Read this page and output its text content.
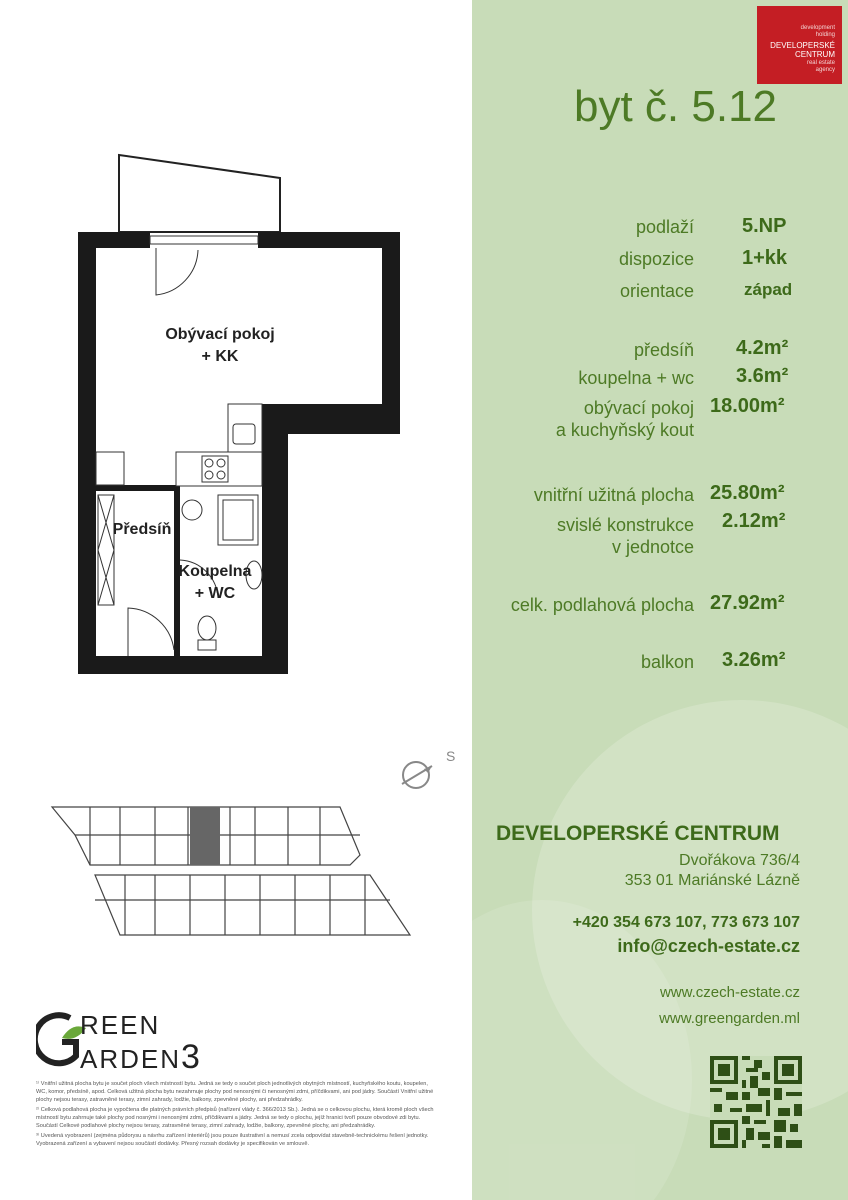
development
holding
DEVELOPERSKÉ
CENTRUM
real estate
agency
byt č. 5.12
podlaží 5.NP
dispozice 1+kk
orientace	západ
předsíň 4.2m²
koupelna + wc 3.6m²
obývací pokoj
a kuchyňský kout
18.00m²
vnitřní užitná plocha 25.80m²
svislé konstrukce
v jednotce
2.12m²
celk. podlahová plocha 27.92m²
balkon 3.26m²
DEVELOPERSKÉ CENTRUM
Dvořákova 736/4
353 01 Mariánské Lázně
+420 354 673 107, 773 673 107
info@czech-estate.cz
www.czech-estate.cz
www.greengarden.ml
Obývací pokoj
+ KK
Předsíň
Koupelna
+ WC
S
REEN
ARDEN3

¹⁾ Vnitřní užitná plocha bytu je součet ploch všech místností bytu. Jedná se tedy o součet ploch jednotlivých obytných místností, kuchyňského koutu, koupelen, WC, komor, předsíně, apod. Celková užitná plocha bytu nezahrnuje plochy pod nenosnými či nenosnými zdmi, příčdikvami, ani pod jádry. Součástí Vnitřní užitné plochy nejsou terasy, zatravněné terasy, zimní zahrady, lodžie, balkony, zpevněné plochy, ani předzahrádky.

²⁾ Celková podlahová plocha je vypočtena dle platných právních předpisů (nařízení vlády č. 366/2013 Sb.). Jedná se o celkovou plochu, která kromě ploch všech místností bytu zahrnuje také plochy pod nosnými i nenosnými zdmi, příčdikvami a jádry. Jedná se tedy o plochu, jejíž hranici tvoří pouze obvodové zdi bytu. Součástí Celkové podlahové plochy nejsou terasy, zatravněné terasy, zimní zahrady, lodžie, balkony, zpevněné plochy, ani předzahrádky.

³⁾ Uvedená vyobrazení (zejména půdorysu a návrhu zařízení interiérů) jsou pouze ilustrativní a nemusí zcela odpovídat stavebně-technickému řešení jednotky. Vyobrazená zařízení a vybavení nejsou součástí dodávky. Přesný rozsah dodávky je specifikován ve smlouvě.
